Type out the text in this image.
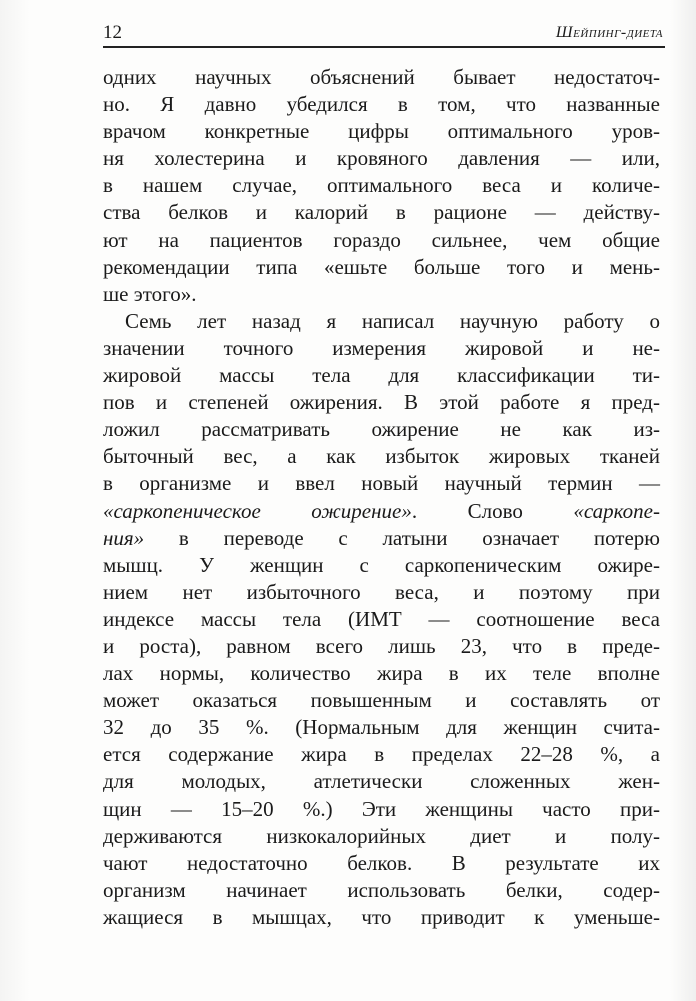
12	Шейпинг-диета
одних научных объяснений бывает недостаточ-
но. Я давно убедился в том, что названные
врачом конкретные цифры оптимального уров-
ня холестерина и кровяного давления — или,
в нашем случае, оптимального веса и количе-
ства белков и калорий в рационе — действу-
ют на пациентов гораздо сильнее, чем общие
рекомендации типа «ешьте больше того и мень-
ше этого».
Семь лет назад я написал научную работу о
значении точного измерения жировой и не-
жировой массы тела для классификации ти-
пов и степеней ожирения. В этой работе я пред-
ложил рассматривать ожирение не как из-
быточный вес, а как избыток жировых тканей
в организме и ввел новый научный термин —
«саркопеническое ожирение». Слово «саркопе-
ния» в переводе с латыни означает потерю
мышц. У женщин с саркопеническим ожире-
нием нет избыточного веса, и поэтому при
индексе массы тела (ИМТ — соотношение веса
и роста), равном всего лишь 23, что в преде-
лах нормы, количество жира в их теле вполне
может оказаться повышенным и составлять от
32 до 35 %. (Нормальным для женщин счита-
ется содержание жира в пределах 22–28 %, а
для молодых, атлетически сложенных жен-
щин — 15–20 %.) Эти женщины часто при-
держиваются низкокалорийных диет и полу-
чают недостаточно белков. В результате их
организм начинает использовать белки, содер-
жащиеся в мышцах, что приводит к уменьше-
